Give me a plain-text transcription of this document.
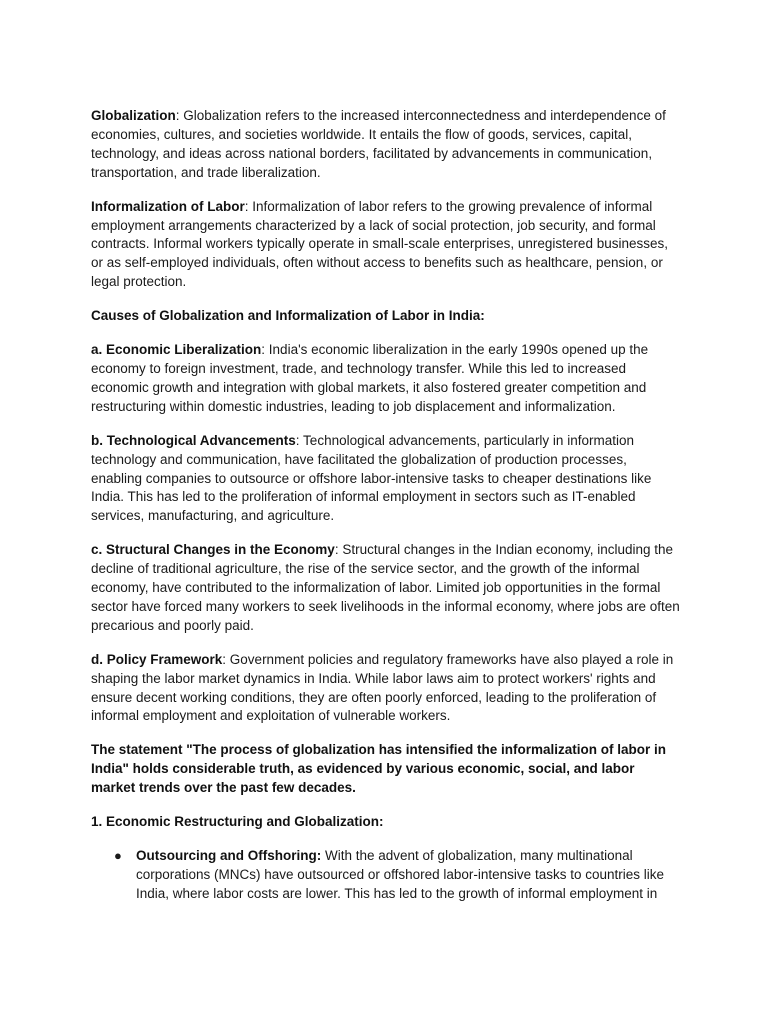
Globalization: Globalization refers to the increased interconnectedness and interdependence of economies, cultures, and societies worldwide. It entails the flow of goods, services, capital, technology, and ideas across national borders, facilitated by advancements in communication, transportation, and trade liberalization.

Informalization of Labor: Informalization of labor refers to the growing prevalence of informal employment arrangements characterized by a lack of social protection, job security, and formal contracts. Informal workers typically operate in small-scale enterprises, unregistered businesses, or as self-employed individuals, often without access to benefits such as healthcare, pension, or legal protection.

Causes of Globalization and Informalization of Labor in India:

a. Economic Liberalization: India's economic liberalization in the early 1990s opened up the economy to foreign investment, trade, and technology transfer. While this led to increased economic growth and integration with global markets, it also fostered greater competition and restructuring within domestic industries, leading to job displacement and informalization.

b. Technological Advancements: Technological advancements, particularly in information technology and communication, have facilitated the globalization of production processes, enabling companies to outsource or offshore labor-intensive tasks to cheaper destinations like India. This has led to the proliferation of informal employment in sectors such as IT-enabled services, manufacturing, and agriculture.

c. Structural Changes in the Economy: Structural changes in the Indian economy, including the decline of traditional agriculture, the rise of the service sector, and the growth of the informal economy, have contributed to the informalization of labor. Limited job opportunities in the formal sector have forced many workers to seek livelihoods in the informal economy, where jobs are often precarious and poorly paid.

d. Policy Framework: Government policies and regulatory frameworks have also played a role in shaping the labor market dynamics in India. While labor laws aim to protect workers' rights and ensure decent working conditions, they are often poorly enforced, leading to the proliferation of informal employment and exploitation of vulnerable workers.

The statement "The process of globalization has intensified the informalization of labor in India" holds considerable truth, as evidenced by various economic, social, and labor market trends over the past few decades.

1. Economic Restructuring and Globalization:

● Outsourcing and Offshoring: With the advent of globalization, many multinational corporations (MNCs) have outsourced or offshored labor-intensive tasks to countries like India, where labor costs are lower. This has led to the growth of informal employment in
